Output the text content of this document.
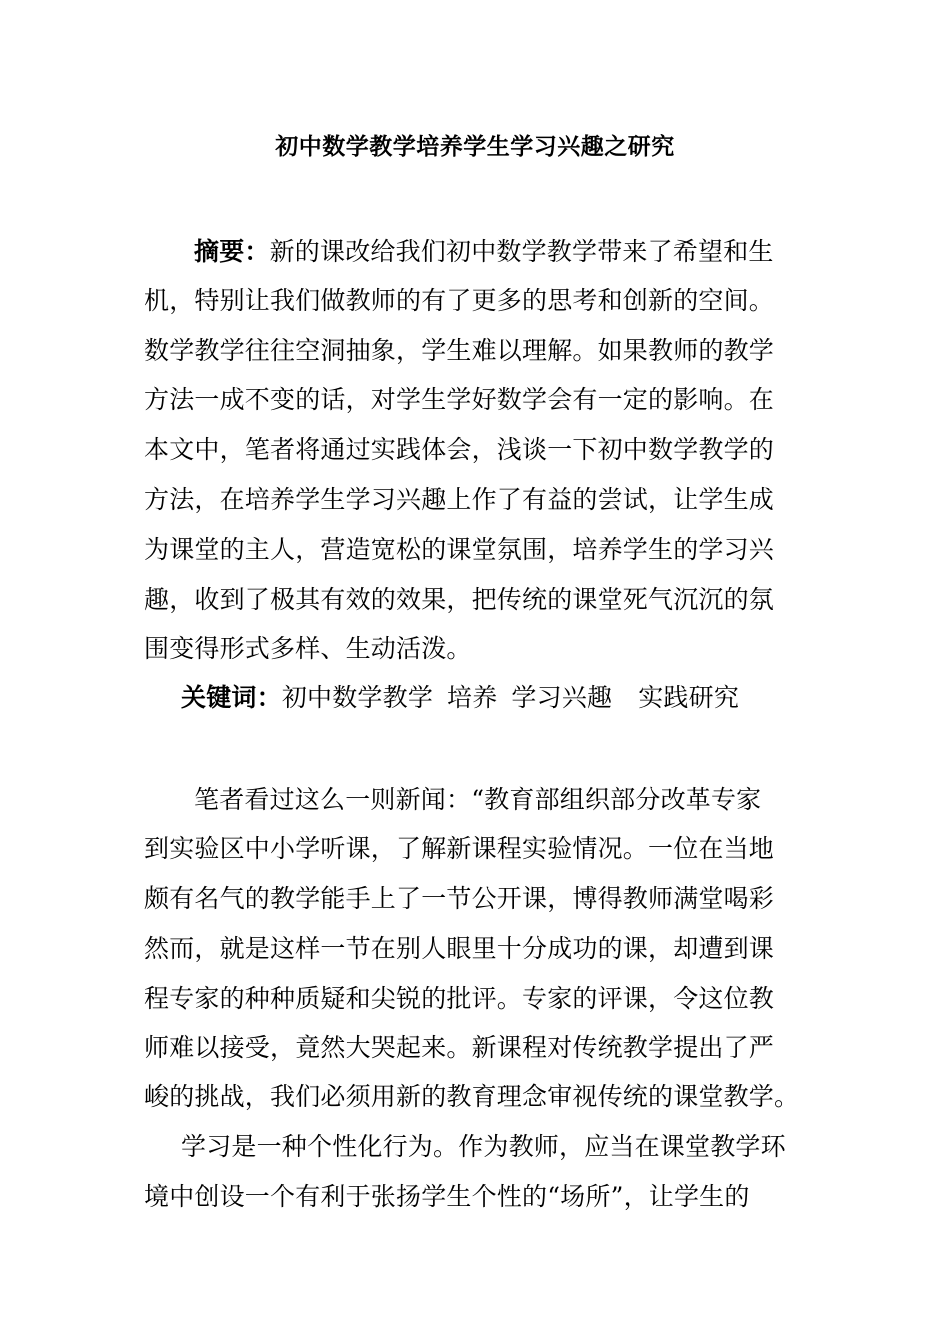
初中数学教学培养学生学习兴趣之研究
摘要：新的课改给我们初中数学教学带来了希望和生
机，特别让我们做教师的有了更多的思考和创新的空间。
数学教学往往空洞抽象，学生难以理解。如果教师的教学
方法一成不变的话，对学生学好数学会有一定的影响。在
本文中，笔者将通过实践体会，浅谈一下初中数学教学的
方法，在培养学生学习兴趣上作了有益的尝试，让学生成
为课堂的主人，营造宽松的课堂氛围，培养学生的学习兴
趣，收到了极其有效的效果，把传统的课堂死气沉沉的氛
围变得形式多样、生动活泼。
关键词：初中数学教学 培养 学习兴趣 实践研究
笔者看过这么一则新闻：“教育部组织部分改革专家
到实验区中小学听课，了解新课程实验情况。一位在当地
颇有名气的教学能手上了一节公开课，博得教师满堂喝彩
然而，就是这样一节在别人眼里十分成功的课，却遭到课
程专家的种种质疑和尖锐的批评。专家的评课，令这位教
师难以接受，竟然大哭起来。新课程对传统教学提出了严
峻的挑战，我们必须用新的教育理念审视传统的课堂教学。
学习是一种个性化行为。作为教师，应当在课堂教学环
境中创设一个有利于张扬学生个性的“场所”，让学生的
